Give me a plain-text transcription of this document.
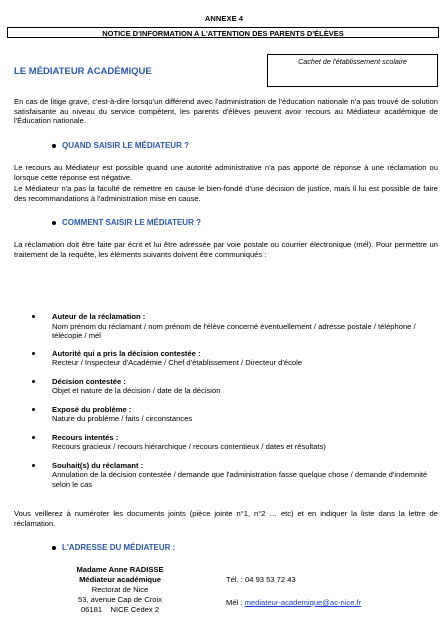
ANNEXE 4
NOTICE D'INFORMATION A L'ATTENTION DES PARENTS D'ÉLÈVES
Cachet de l'établissement scolaire
LE MÉDIATEUR ACADÉMIQUE
En cas de litige grave, c'est-à-dire lorsqu'un différend avec l'administration de l'éducation nationale n'a pas trouvé de solution satisfaisante au niveau du service compétent, les parents d'élèves peuvent avoir recours au Médiateur académique de l'Éducation nationale.
QUAND SAISIR LE MÉDIATEUR ?
Le recours au Médiateur est possible quand une autorité administrative n'a pas apporté de réponse à une réclamation ou lorsque cette réponse est négative.
Le Médiateur n'a pas la faculté de remettre en cause le bien-fondé d'une décision de justice, mais il lui est possible de faire des recommandations à l'administration mise en cause.
COMMENT SAISIR LE MÉDIATEUR ?
La réclamation doit être faite par écrit et lui être adressée par voie postale ou courrier électronique (mél). Pour permettre un traitement de la requête, les éléments suivants doivent être communiqués :
Auteur de la réclamation :
Nom prénom du réclamant / nom prénom de l'élève concerné éventuellement / adresse postale / téléphone / télécopie / mél
Autorité qui a pris la décision contestée :
Recteur / Inspecteur d'Académie / Chef d'établissement / Directeur d'école
Décision contestée :
Objet et nature de la décision / date de la décision
Exposé du problème :
Nature du problème / faits / circonstances
Recours intentés :
Recours gracieux / recours hiérarchique / recours contentieux / dates et résultats)
Souhait(s) du réclamant :
Annulation de la décision contestée / demande que l'administration fasse quelque chose / demande d'indemnité selon le cas
Vous veillerez à numéroter les documents joints (pièce jointe n°1, n°2 … etc) et en indiquer la liste dans la lettre de réclamation.
L'ADRESSE DU MÉDIATEUR :
Madame Anne RADISSE
Médiateur académique
Rectorat de Nice
53, avenue Cap de Croix
06181    NICE Cedex 2
Tél. : 04 93 53 72 43
Mél : mediateur-academique@ac-nice.fr
